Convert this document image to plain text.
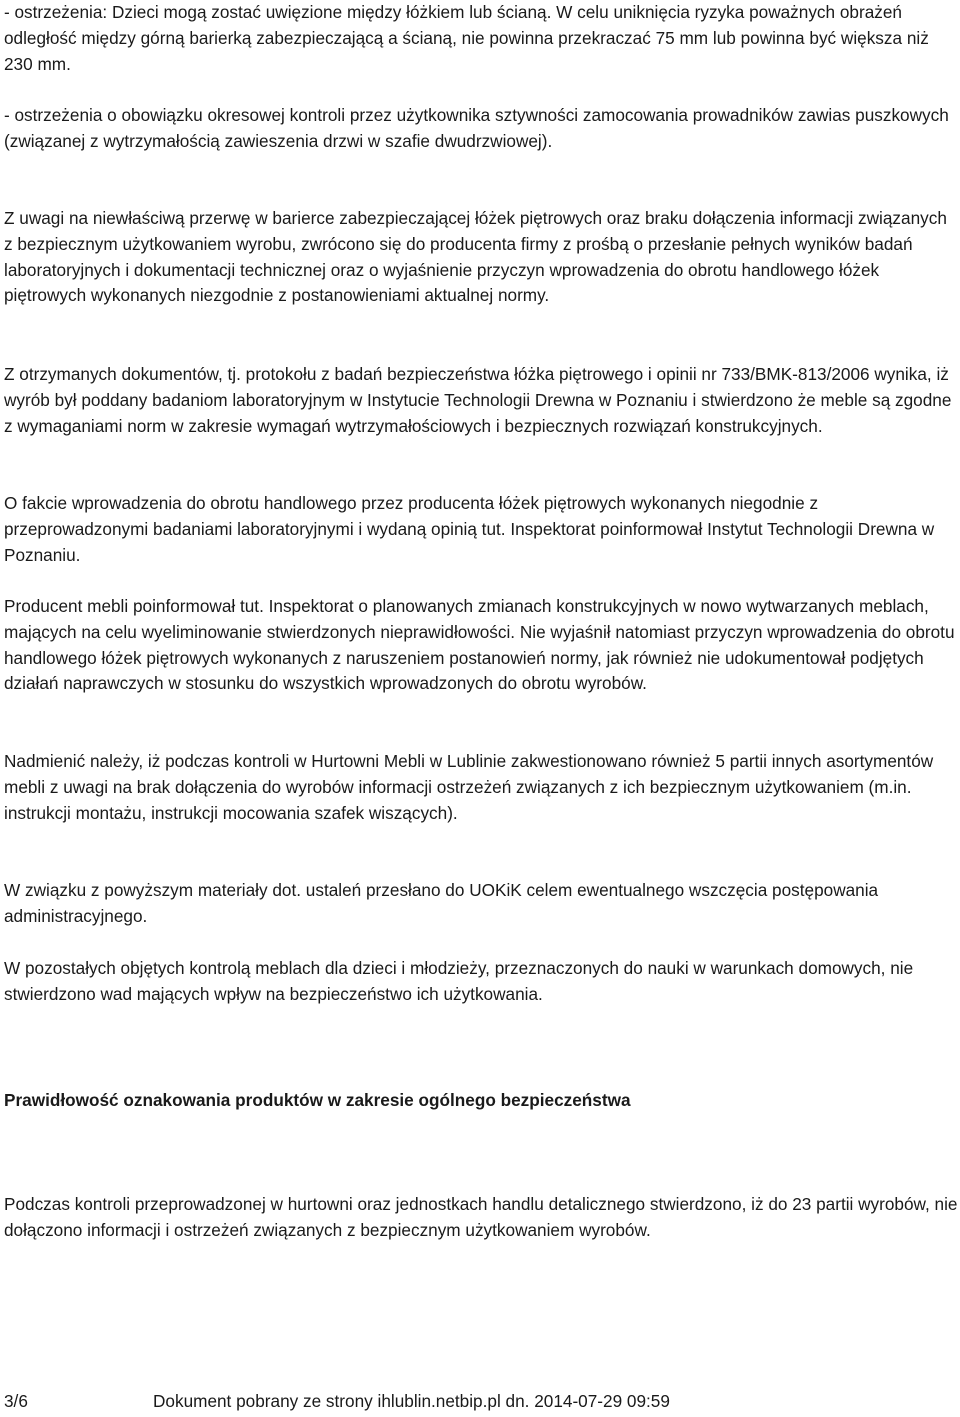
- ostrzeżenia: Dzieci mogą zostać uwięzione między łóżkiem lub ścianą. W celu uniknięcia ryzyka poważnych obrażeń odległość między górną barierką zabezpieczającą a ścianą, nie powinna przekraczać 75 mm lub powinna być większa niż 230 mm.

- ostrzeżenia o obowiązku okresowej kontroli przez użytkownika sztywności zamocowania prowadników zawias puszkowych (związanej z wytrzymałością zawieszenia drzwi w szafie dwudrzwiowej).

Z uwagi na niewłaściwą przerwę w barierce zabezpieczającej łóżek piętrowych oraz braku dołączenia informacji związanych z bezpiecznym użytkowaniem wyrobu, zwrócono się do producenta firmy z prośbą o przesłanie pełnych wyników badań laboratoryjnych i dokumentacji technicznej oraz o wyjaśnienie przyczyn wprowadzenia do obrotu handlowego łóżek piętrowych wykonanych niezgodnie z postanowieniami aktualnej normy.

Z otrzymanych dokumentów, tj. protokołu z badań bezpieczeństwa łóżka piętrowego i opinii nr 733/BMK-813/2006 wynika, iż wyrób był poddany badaniom laboratoryjnym w Instytucie Technologii Drewna w Poznaniu i stwierdzono że meble są zgodne z wymaganiami norm w zakresie wymagań wytrzymałościowych i bezpiecznych rozwiązań konstrukcyjnych.

O fakcie wprowadzenia do obrotu handlowego przez producenta łóżek piętrowych wykonanych niegodnie z przeprowadzonymi badaniami laboratoryjnymi i wydaną opinią tut. Inspektorat poinformował Instytut Technologii Drewna w Poznaniu.

Producent mebli poinformował tut. Inspektorat o planowanych zmianach konstrukcyjnych w nowo wytwarzanych meblach, mających na celu wyeliminowanie stwierdzonych nieprawidłowości. Nie wyjaśnił natomiast przyczyn wprowadzenia do obrotu handlowego łóżek piętrowych wykonanych z naruszeniem postanowień normy, jak również nie udokumentował podjętych działań naprawczych w stosunku do wszystkich wprowadzonych do obrotu wyrobów.

Nadmienić należy, iż podczas kontroli w Hurtowni Mebli w Lublinie zakwestionowano również 5 partii innych asortymentów mebli z uwagi na brak dołączenia do wyrobów informacji ostrzeżeń związanych z ich bezpiecznym użytkowaniem (m.in. instrukcji montażu, instrukcji mocowania szafek wiszących).

W związku z powyższym materiały dot. ustaleń przesłano do UOKiK celem ewentualnego wszczęcia postępowania administracyjnego.

W pozostałych objętych kontrolą meblach dla dzieci i młodzieży, przeznaczonych do nauki w warunkach domowych, nie stwierdzono wad mających wpływ na bezpieczeństwo ich użytkowania.

Prawidłowość oznakowania produktów w zakresie ogólnego bezpieczeństwa

Podczas kontroli przeprowadzonej w hurtowni oraz jednostkach handlu detalicznego stwierdzono, iż do 23 partii wyrobów, nie dołączono informacji i ostrzeżeń związanych z bezpiecznym użytkowaniem wyrobów.

3/6	Dokument pobrany ze strony ihlublin.netbip.pl dn. 2014-07-29 09:59
